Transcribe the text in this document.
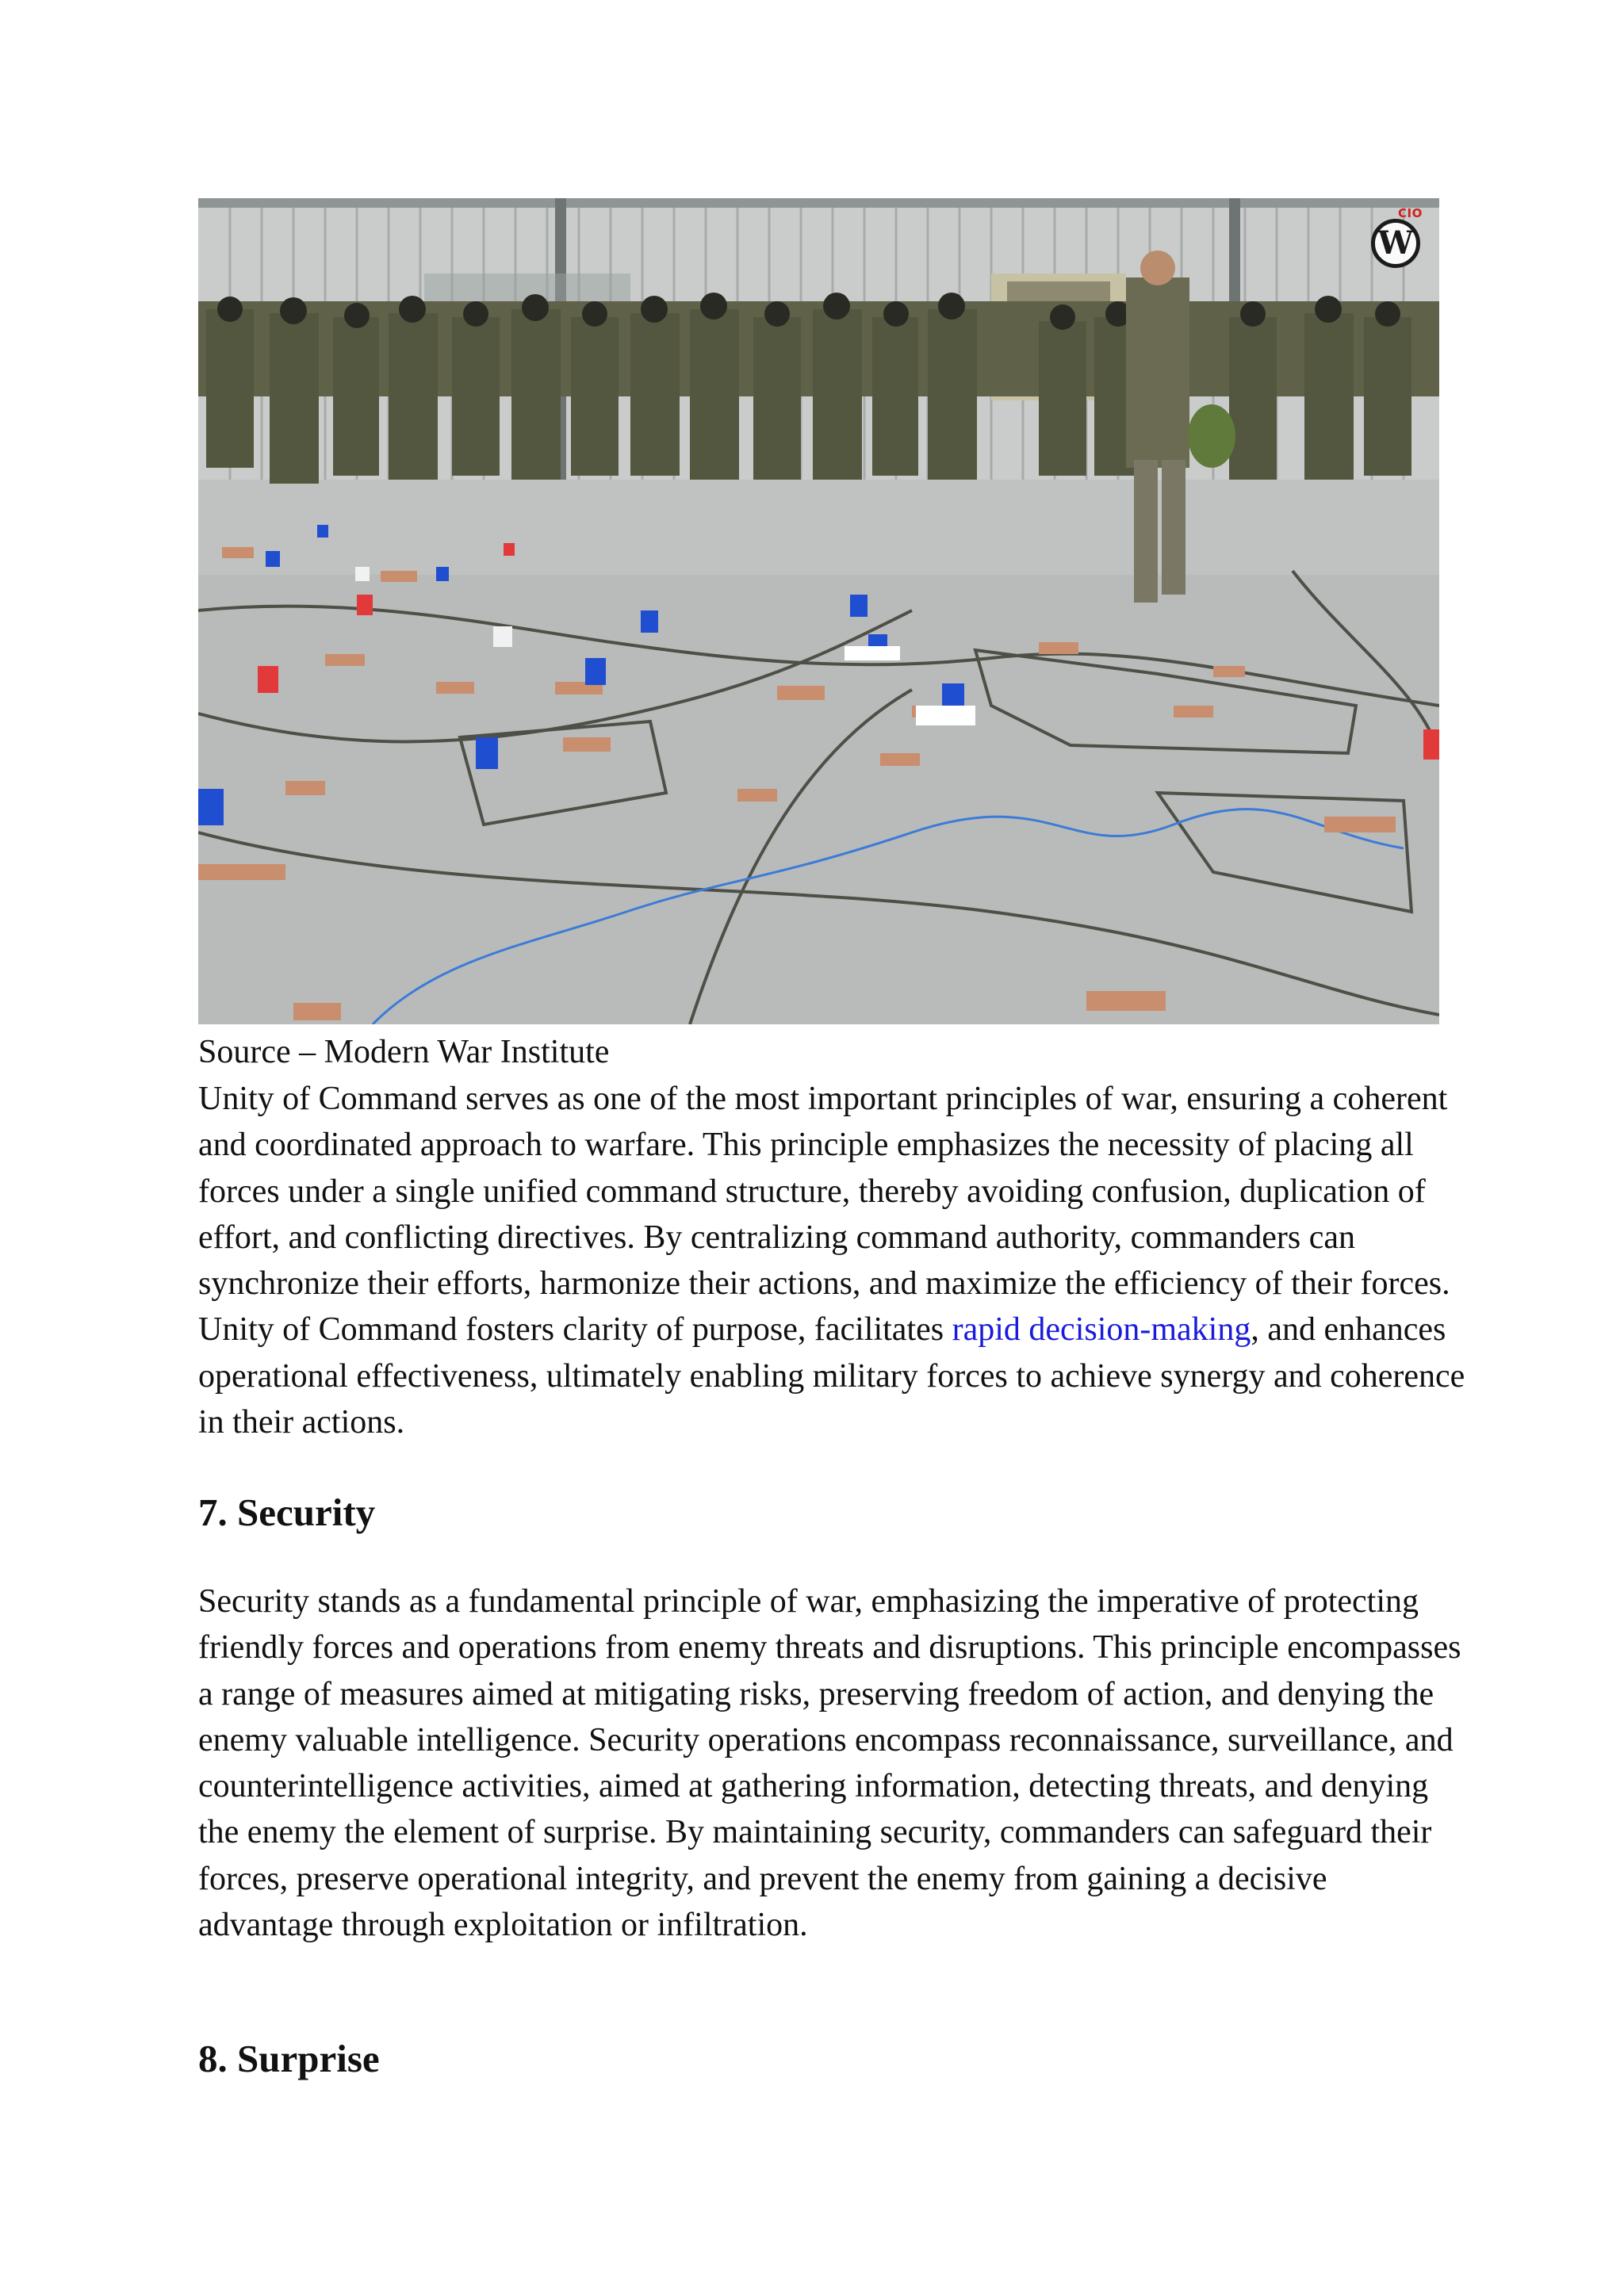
CIO
W
Source – Modern War Institute
Unity of Command serves as one of the most important principles of war, ensuring a coherent and coordinated approach to warfare. This principle emphasizes the necessity of placing all forces under a single unified command structure, thereby avoiding confusion, duplication of effort, and conflicting directives. By centralizing command authority, commanders can synchronize their efforts, harmonize their actions, and maximize the efficiency of their forces. Unity of Command fosters clarity of purpose, facilitates rapid decision-making, and enhances operational effectiveness, ultimately enabling military forces to achieve synergy and coherence in their actions.
7. Security
Security stands as a fundamental principle of war, emphasizing the imperative of protecting friendly forces and operations from enemy threats and disruptions. This principle encompasses a range of measures aimed at mitigating risks, preserving freedom of action, and denying the enemy valuable intelligence. Security operations encompass reconnaissance, surveillance, and counterintelligence activities, aimed at gathering information, detecting threats, and denying the enemy the element of surprise. By maintaining security, commanders can safeguard their forces, preserve operational integrity, and prevent the enemy from gaining a decisive advantage through exploitation or infiltration.
8. Surprise
